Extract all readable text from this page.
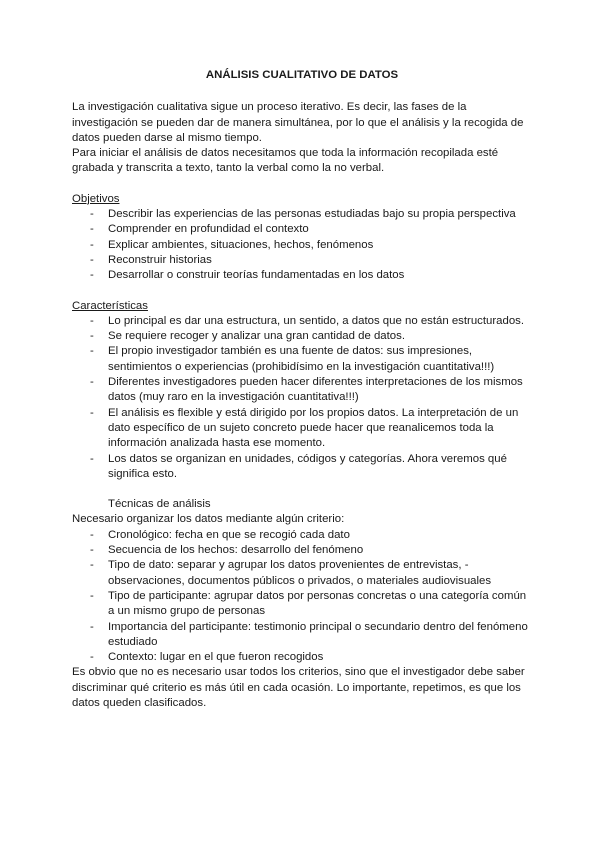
ANÁLISIS CUALITATIVO DE DATOS

La investigación cualitativa sigue un proceso iterativo. Es decir, las fases de la investigación se pueden dar de manera simultánea, por lo que el análisis y la recogida de datos pueden darse al mismo tiempo.

Para iniciar el análisis de datos necesitamos que toda la información recopilada esté grabada y transcrita a texto, tanto la verbal como la no verbal.

Objetivos

- Describir las experiencias de las personas estudiadas bajo su propia perspectiva
- Comprender en profundidad el contexto
- Explicar ambientes, situaciones, hechos, fenómenos
- Reconstruir historias
- Desarrollar o construir teorías fundamentadas en los datos

Características

- Lo principal es dar una estructura, un sentido, a datos que no están estructurados.
- Se requiere recoger y analizar una gran cantidad de datos.
- El propio investigador también es una fuente de datos: sus impresiones, sentimientos o experiencias (prohibidísimo en la investigación cuantitativa!!!)
- Diferentes investigadores pueden hacer diferentes interpretaciones de los mismos datos (muy raro en la investigación cuantitativa!!!)
- El análisis es flexible y está dirigido por los propios datos. La interpretación de un dato específico de un sujeto concreto puede hacer que reanalicemos toda la información analizada hasta ese momento.
- Los datos se organizan en unidades, códigos y categorías. Ahora veremos qué significa esto.

Técnicas de análisis

Necesario organizar los datos mediante algún criterio:

- Cronológico: fecha en que se recogió cada dato
- Secuencia de los hechos: desarrollo del fenómeno
- Tipo de dato: separar y agrupar los datos provenientes de entrevistas, -observaciones, documentos públicos o privados, o materiales audiovisuales
- Tipo de participante: agrupar datos por personas concretas o una categoría común a un mismo grupo de personas
- Importancia del participante: testimonio principal o secundario dentro del fenómeno estudiado
- Contexto: lugar en el que fueron recogidos

Es obvio que no es necesario usar todos los criterios, sino que el investigador debe saber discriminar qué criterio es más útil en cada ocasión. Lo importante, repetimos, es que los datos queden clasificados.
